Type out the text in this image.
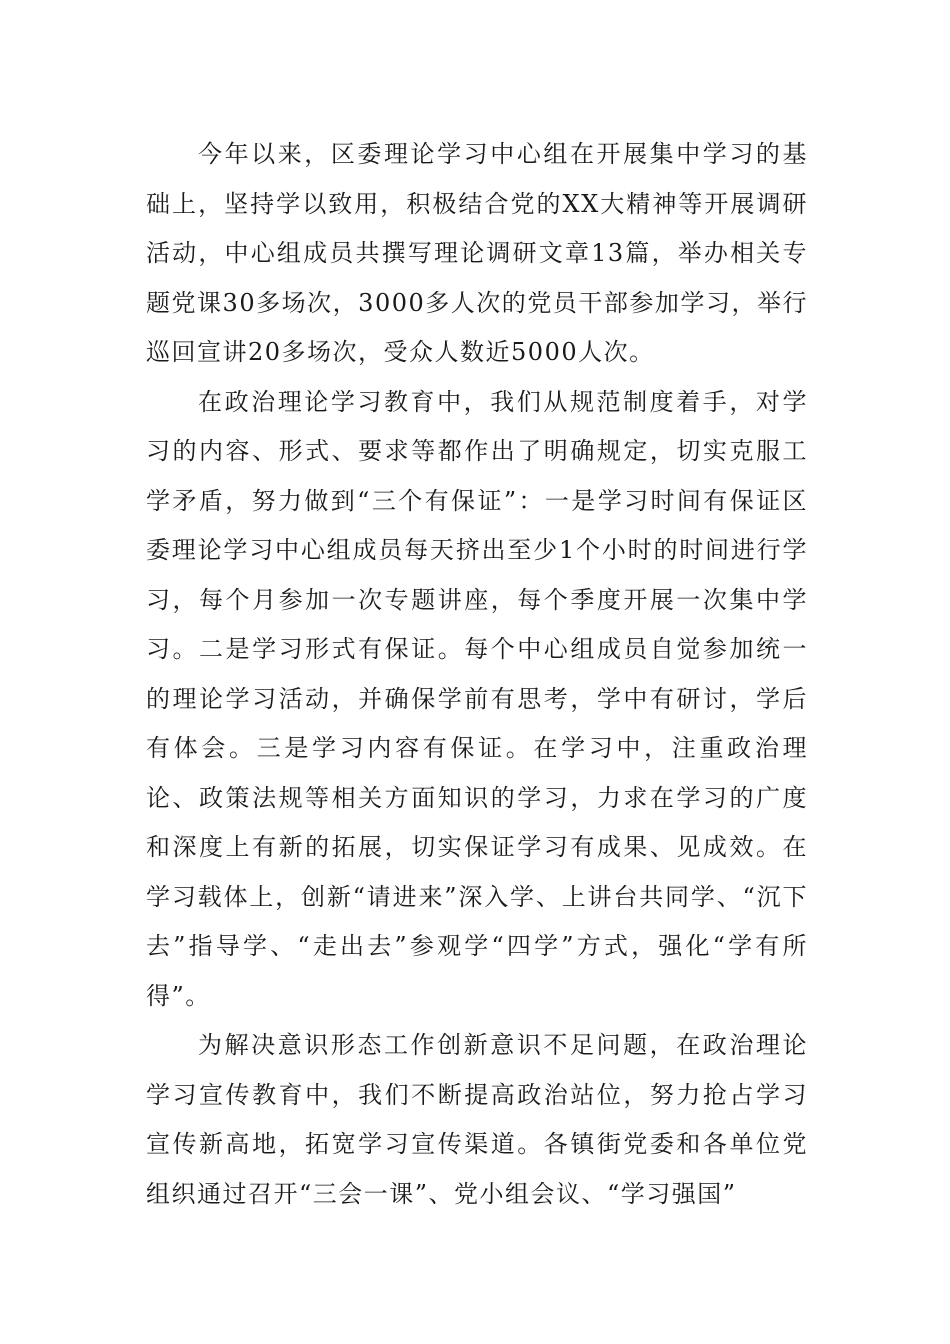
今年以来，区委理论学习中心组在开展集中学习的基础上，坚持学以致用，积极结合党的XX大精神等开展调研活动，中心组成员共撰写理论调研文章13篇，举办相关专题党课30多场次，3000多人次的党员干部参加学习，举行巡回宣讲20多场次，受众人数近5000人次。

在政治理论学习教育中，我们从规范制度着手，对学习的内容、形式、要求等都作出了明确规定，切实克服工学矛盾，努力做到“三个有保证”：一是学习时间有保证区委理论学习中心组成员每天挤出至少1个小时的时间进行学习，每个月参加一次专题讲座，每个季度开展一次集中学习。二是学习形式有保证。每个中心组成员自觉参加统一的理论学习活动，并确保学前有思考，学中有研讨，学后有体会。三是学习内容有保证。在学习中，注重政治理论、政策法规等相关方面知识的学习，力求在学习的广度和深度上有新的拓展，切实保证学习有成果、见成效。在学习载体上，创新“请进来”深入学、上讲台共同学、“沉下去”指导学、“走出去”参观学“四学”方式，强化“学有所得”。

为解决意识形态工作创新意识不足问题，在政治理论学习宣传教育中，我们不断提高政治站位，努力抢占学习宣传新高地，拓宽学习宣传渠道。各镇街党委和各单位党组织通过召开“三会一课”、党小组会议、“学习强国”
